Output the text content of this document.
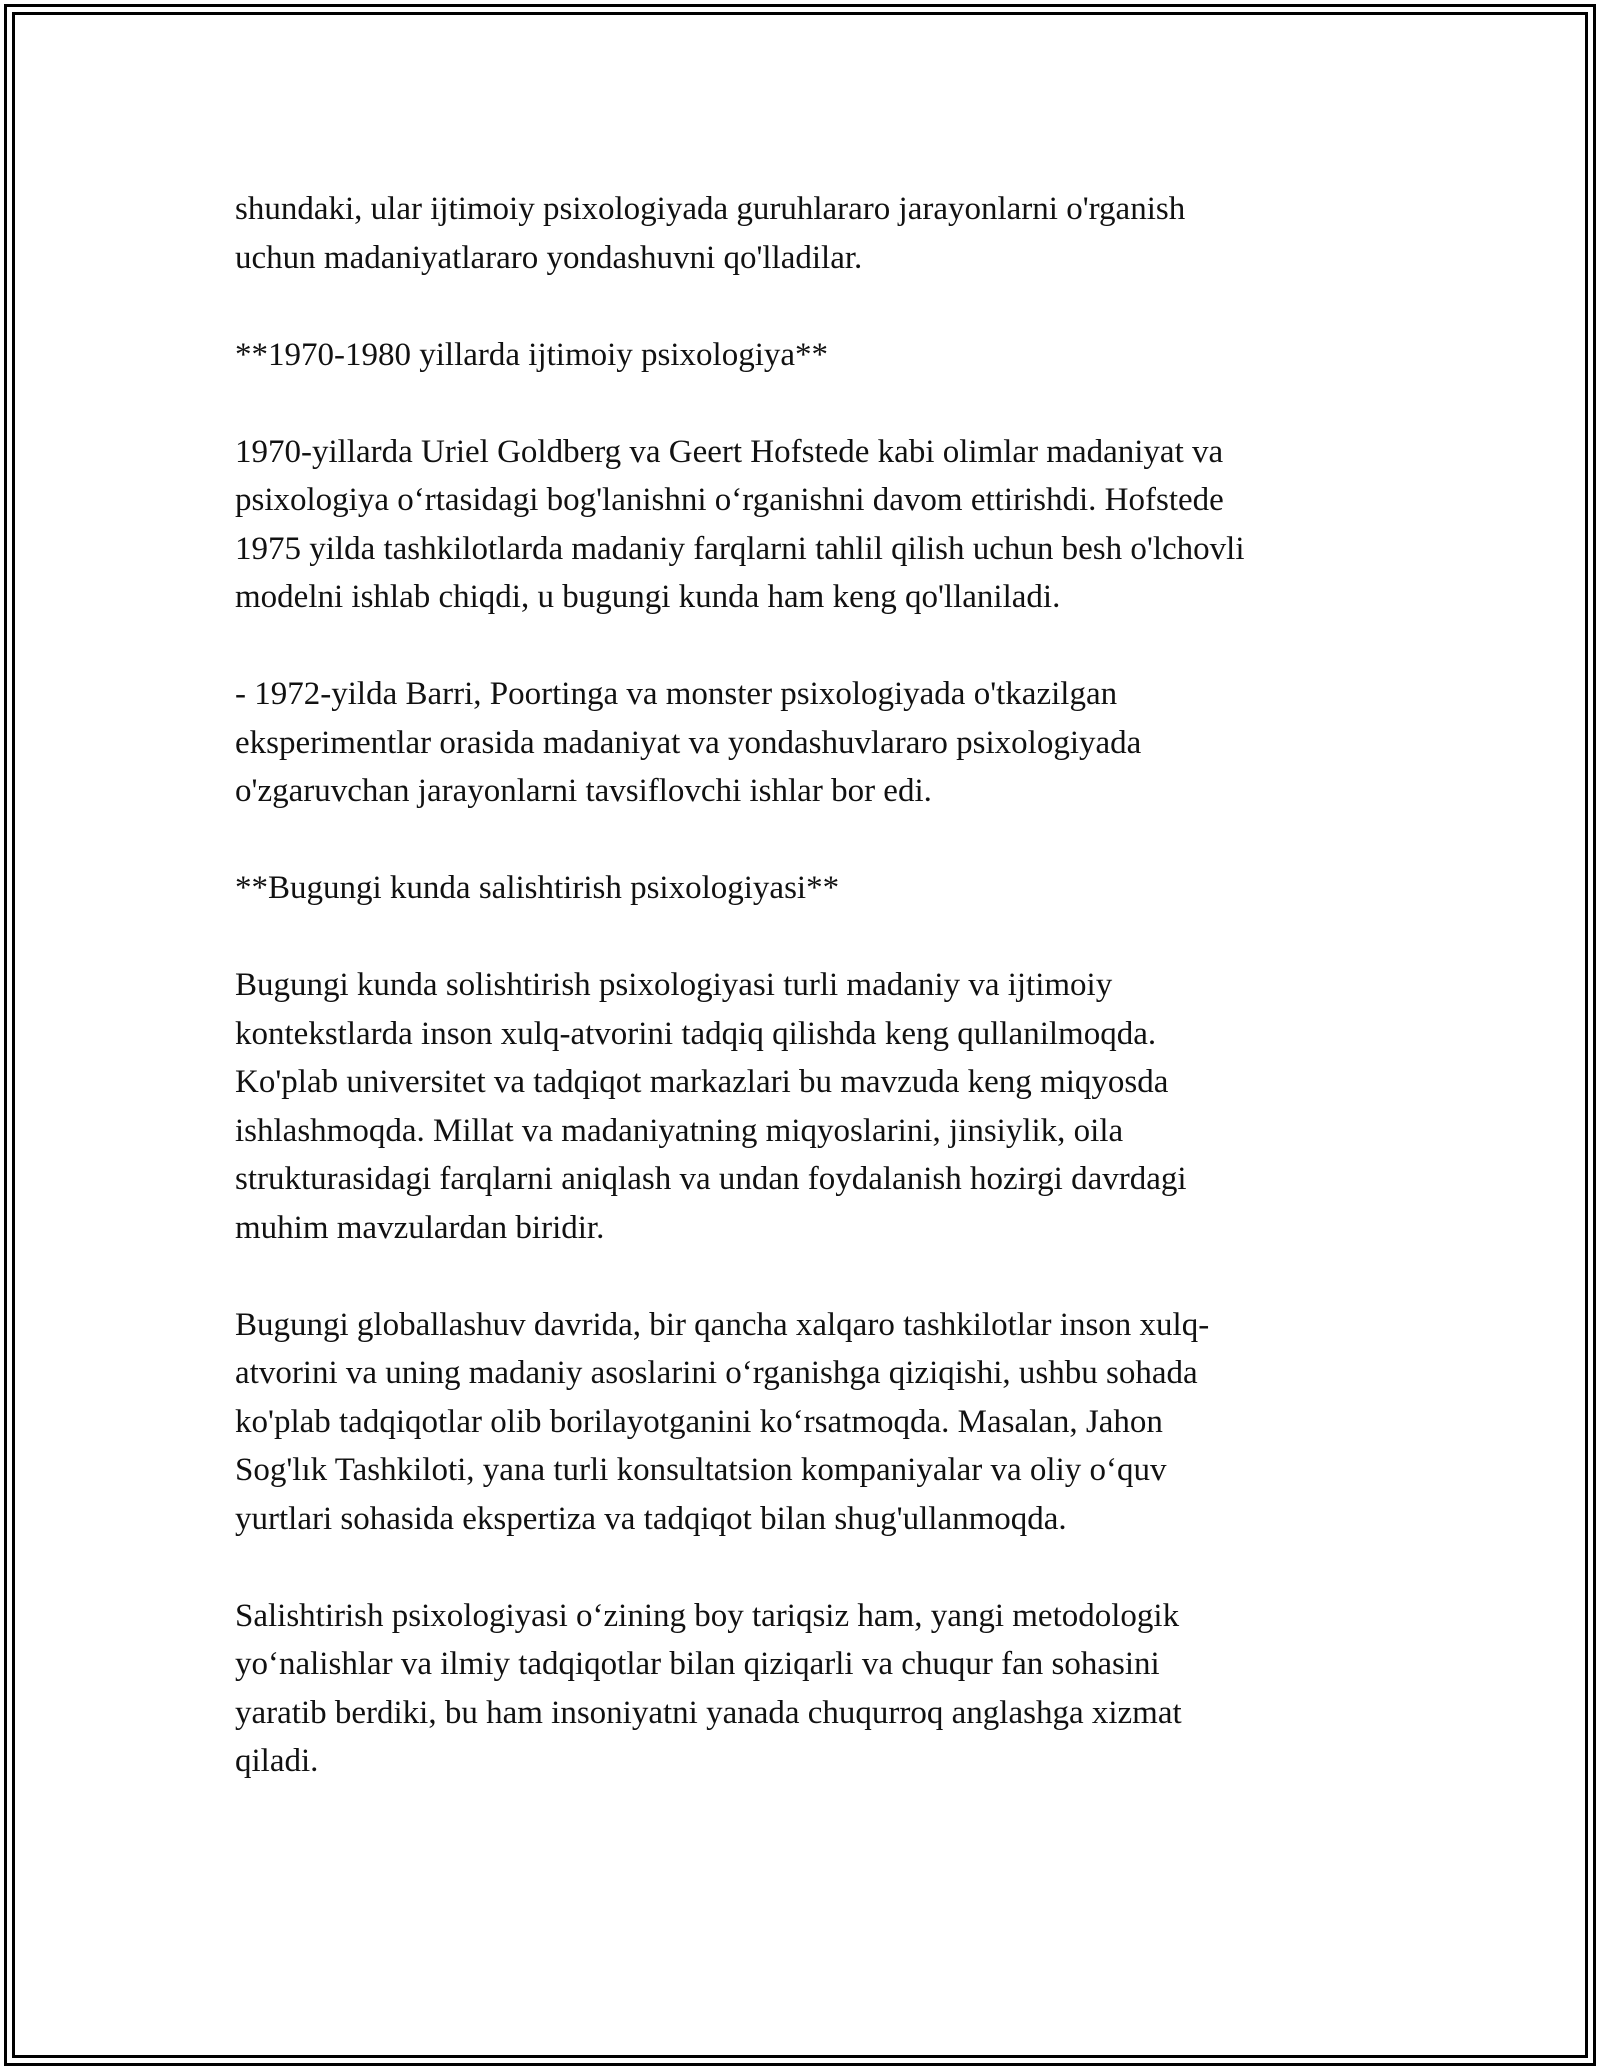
shundaki, ular ijtimoiy psixologiyada guruhlararo jarayonlarni o'rganish
uchun madaniyatlararo yondashuvni qo'lladilar.

**1970-1980 yillarda ijtimoiy psixologiya**

1970-yillarda Uriel Goldberg va Geert Hofstede kabi olimlar madaniyat va
psixologiya o‘rtasidagi bog'lanishni o‘rganishni davom ettirishdi. Hofstede
1975 yilda tashkilotlarda madaniy farqlarni tahlil qilish uchun besh o'lchovli
modelni ishlab chiqdi, u bugungi kunda ham keng qo'llaniladi.

- 1972-yilda Barri, Poortinga va monster psixologiyada o'tkazilgan
eksperimentlar orasida madaniyat va yondashuvlararo psixologiyada
o'zgaruvchan jarayonlarni tavsiflovchi ishlar bor edi.

**Bugungi kunda salishtirish psixologiyasi**

Bugungi kunda solishtirish psixologiyasi turli madaniy va ijtimoiy
kontekstlarda inson xulq-atvorini tadqiq qilishda keng qullanilmoqda.
Ko'plab universitet va tadqiqot markazlari bu mavzuda keng miqyosda
ishlashmoqda. Millat va madaniyatning miqyoslarini, jinsiylik, oila
strukturasidagi farqlarni aniqlash va undan foydalanish hozirgi davrdagi
muhim mavzulardan biridir.

Bugungi globallashuv davrida, bir qancha xalqaro tashkilotlar inson xulq-
atvorini va uning madaniy asoslarini o‘rganishga qiziqishi, ushbu sohada
ko'plab tadqiqotlar olib borilayotganini ko‘rsatmoqda. Masalan, Jahon
Sog'lık Tashkiloti, yana turli konsultatsion kompaniyalar va oliy o‘quv
yurtlari sohasida ekspertiza va tadqiqot bilan shug'ullanmoqda.

Salishtirish psixologiyasi o‘zining boy tariqsiz ham, yangi metodologik
yo‘nalishlar va ilmiy tadqiqotlar bilan qiziqarli va chuqur fan sohasini
yaratib berdiki, bu ham insoniyatni yanada chuqurroq anglashga xizmat
qiladi.
